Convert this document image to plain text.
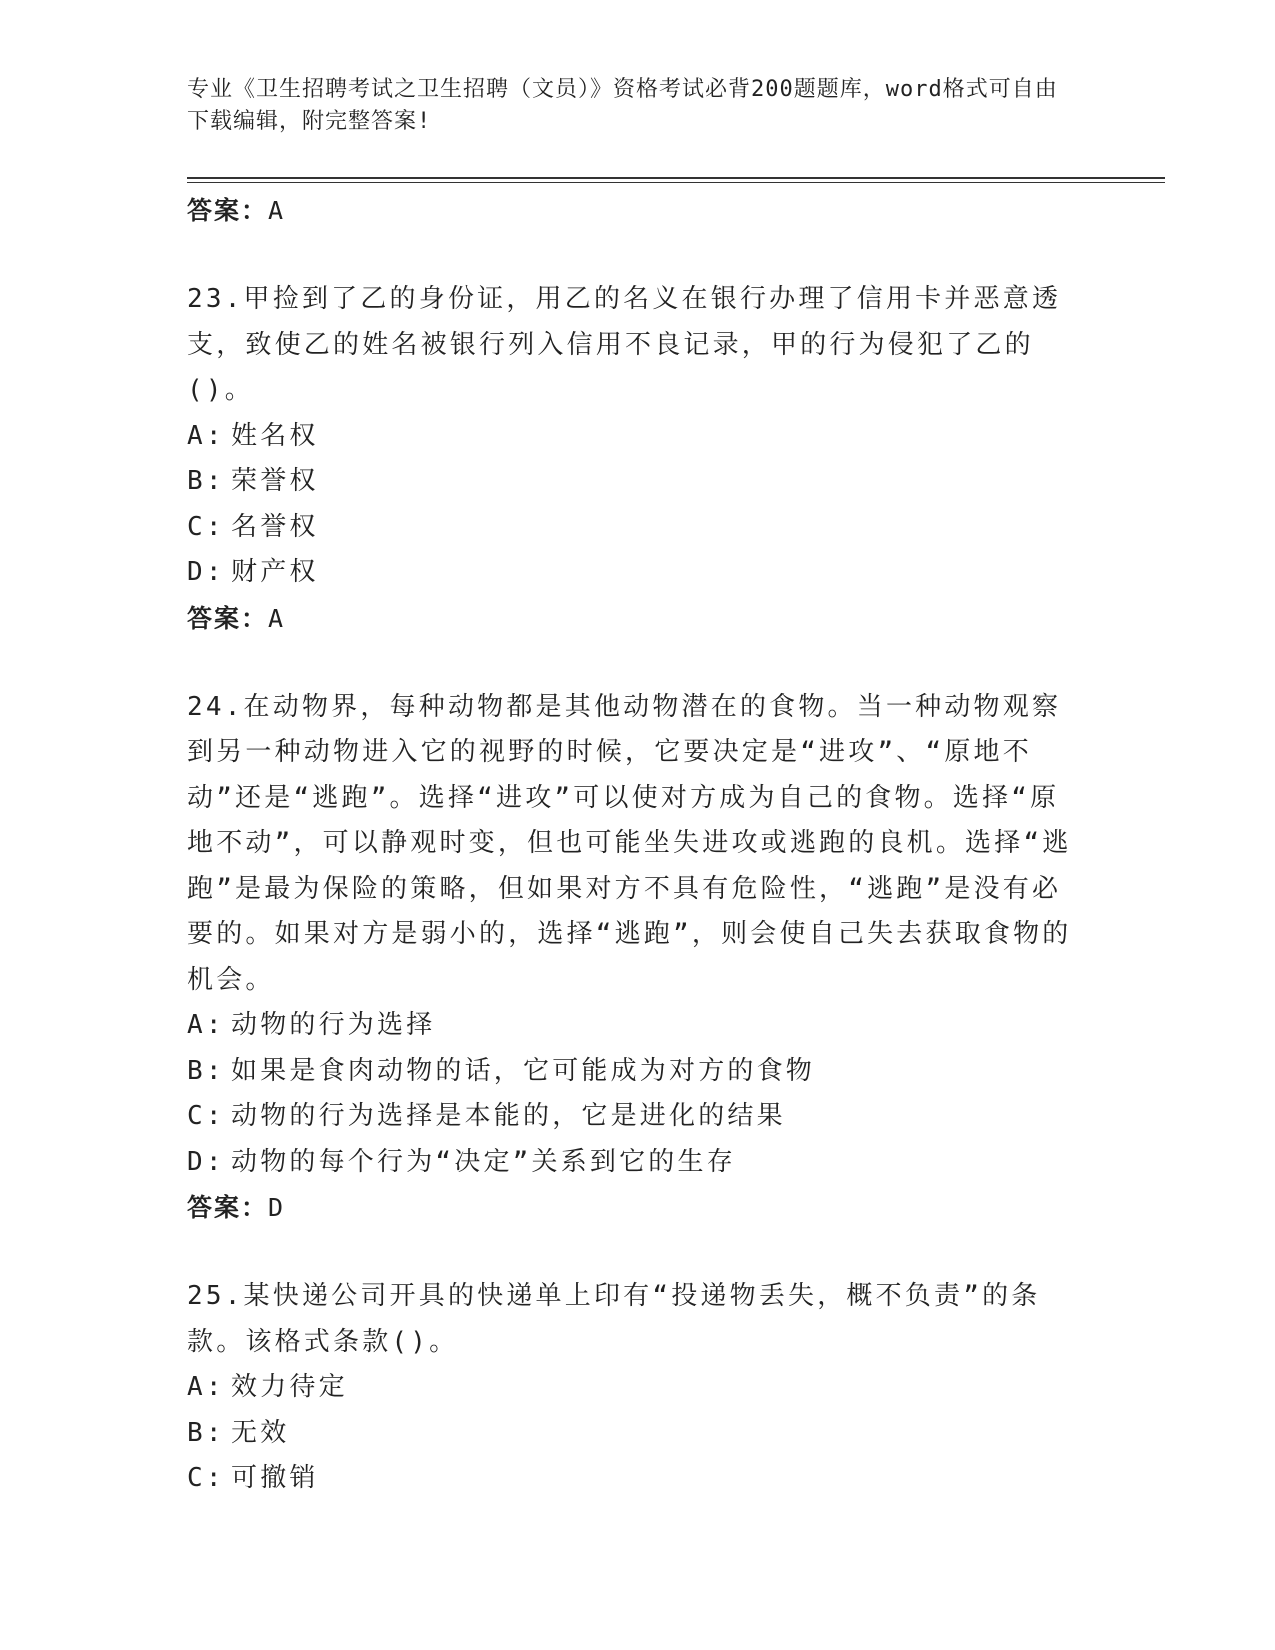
专业《卫生招聘考试之卫生招聘（文员）》资格考试必背200题题库，word格式可自由下载编辑，附完整答案!

答案：A

23.甲捡到了乙的身份证，用乙的名义在银行办理了信用卡并恶意透支，致使乙的姓名被银行列入信用不良记录，甲的行为侵犯了乙的()。

A: 姓名权

B: 荣誉权

C: 名誉权

D: 财产权

答案：A

24.在动物界，每种动物都是其他动物潜在的食物。当一种动物观察到另一种动物进入它的视野的时候，它要决定是“进攻”、“原地不动”还是“逃跑”。选择“进攻”可以使对方成为自己的食物。选择“原地不动”，可以静观时变，但也可能坐失进攻或逃跑的良机。选择“逃跑”是最为保险的策略，但如果对方不具有危险性，“逃跑”是没有必要的。如果对方是弱小的，选择“逃跑”，则会使自己失去获取食物的机会。

A: 动物的行为选择

B: 如果是食肉动物的话，它可能成为对方的食物

C: 动物的行为选择是本能的，它是进化的结果

D: 动物的每个行为“决定”关系到它的生存

答案：D

25.某快递公司开具的快递单上印有“投递物丢失，概不负责”的条款。该格式条款()。

A: 效力待定

B: 无效

C: 可撤销
